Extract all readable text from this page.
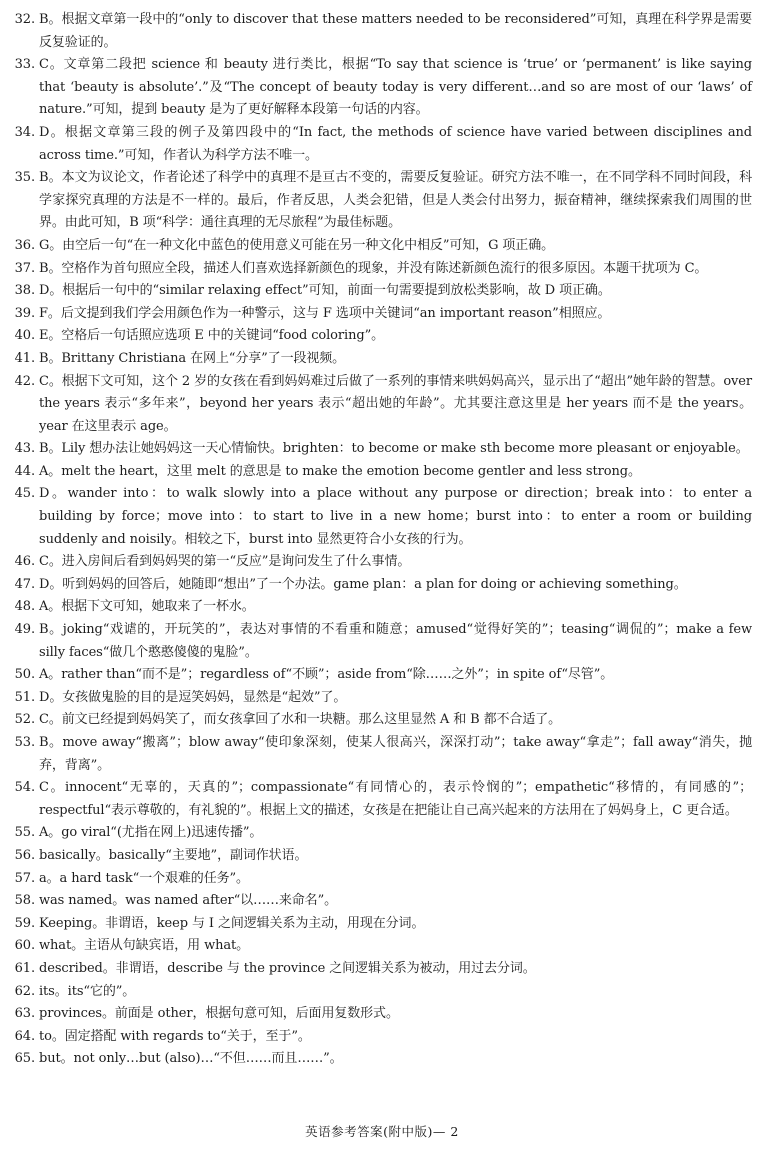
32. B。根据文章第一段中的“only to discover that these matters needed to be reconsidered”可知，真理在科学界是需要反复验证的。
33. C。文章第二段把 science 和 beauty 进行类比，根据“To say that science is ‘true’ or ‘permanent’ is like saying that ‘beauty is absolute’.”及“The concept of beauty today is very different…and so are most of our ‘laws’ of nature.”可知，提到 beauty 是为了更好解释本段第一句话的内容。
34. D。根据文章第三段的例子及第四段中的“In fact, the methods of science have varied between disciplines and across time.”可知，作者认为科学方法不唯一。
35. B。本文为议论文，作者论述了科学中的真理不是亘古不变的，需要反复验证。研究方法不唯一，在不同学科不同时间段，科学家探究真理的方法是不一样的。最后，作者反思，人类会犯错，但是人类会付出努力，振奋精神，继续探索我们周围的世界。由此可知，B 项“科学：通往真理的无尽旅程”为最佳标题。
36. G。由空后一句“在一种文化中蓝色的使用意义可能在另一种文化中相反”可知，G 项正确。
37. B。空格作为首句照应全段，描述人们喜欢选择新颜色的现象，并没有陈述新颜色流行的很多原因。本题干扰项为 C。
38. D。根据后一句中的“similar relaxing effect”可知，前面一句需要提到放松类影响，故 D 项正确。
39. F。后文提到我们学会用颜色作为一种警示，这与 F 选项中关键词“an important reason”相照应。
40. E。空格后一句话照应选项 E 中的关键词“food coloring”。
41. B。Brittany Christiana 在网上“分享”了一段视频。
42. C。根据下文可知，这个 2 岁的女孩在看到妈妈难过后做了一系列的事情来哄妈妈高兴，显示出了“超出”她年龄的智慧。over the years 表示“多年来”，beyond her years 表示“超出她的年龄”。尤其要注意这里是 her years 而不是 the years。year 在这里表示 age。
43. B。Lily 想办法让她妈妈这一天心情愉快。brighten：to become or make sth become more pleasant or enjoyable。
44. A。melt the heart，这里 melt 的意思是 to make the emotion become gentler and less strong。
45. D。wander into：to walk slowly into a place without any purpose or direction；break into：to enter a building by force；move into：to start to live in a new home；burst into：to enter a room or building suddenly and noisily。相较之下，burst into 显然更符合小女孩的行为。
46. C。进入房间后看到妈妈哭的第一“反应”是询问发生了什么事情。
47. D。听到妈妈的回答后，她随即“想出”了一个办法。game plan：a plan for doing or achieving something。
48. A。根据下文可知，她取来了一杯水。
49. B。joking“戏谑的，开玩笑的”，表达对事情的不看重和随意；amused“觉得好笑的”；teasing“调侃的”；make a few silly faces“做几个憨憨傻傻的鬼脸”。
50. A。rather than“而不是”；regardless of“不顾”；aside from“除……之外”；in spite of“尽管”。
51. D。女孩做鬼脸的目的是逗笑妈妈，显然是“起效”了。
52. C。前文已经提到妈妈笑了，而女孩拿回了水和一块糖。那么这里显然 A 和 B 都不合适了。
53. B。move away“搬离”；blow away“使印象深刻，使某人很高兴，深深打动”；take away“拿走”；fall away“消失，抛弃，背离”。
54. C。innocent“无辜的，天真的”；compassionate“有同情心的，表示怜悯的”；empathetic“移情的，有同感的”；respectful“表示尊敬的，有礼貌的”。根据上文的描述，女孩是在把能让自己高兴起来的方法用在了妈妈身上，C 更合适。
55. A。go viral“(尤指在网上)迅速传播”。
56. basically。basically“主要地”，副词作状语。
57. a。a hard task“一个艰难的任务”。
58. was named。was named after“以……来命名”。
59. Keeping。非谓语，keep 与 I 之间逻辑关系为主动，用现在分词。
60. what。主语从句缺宾语，用 what。
61. described。非谓语，describe 与 the province 之间逻辑关系为被动，用过去分词。
62. its。its“它的”。
63. provinces。前面是 other，根据句意可知，后面用复数形式。
64. to。固定搭配 with regards to“关于，至于”。
65. but。not only…but (also)…“不但……而且……”。
英语参考答案(附中版)— 2
